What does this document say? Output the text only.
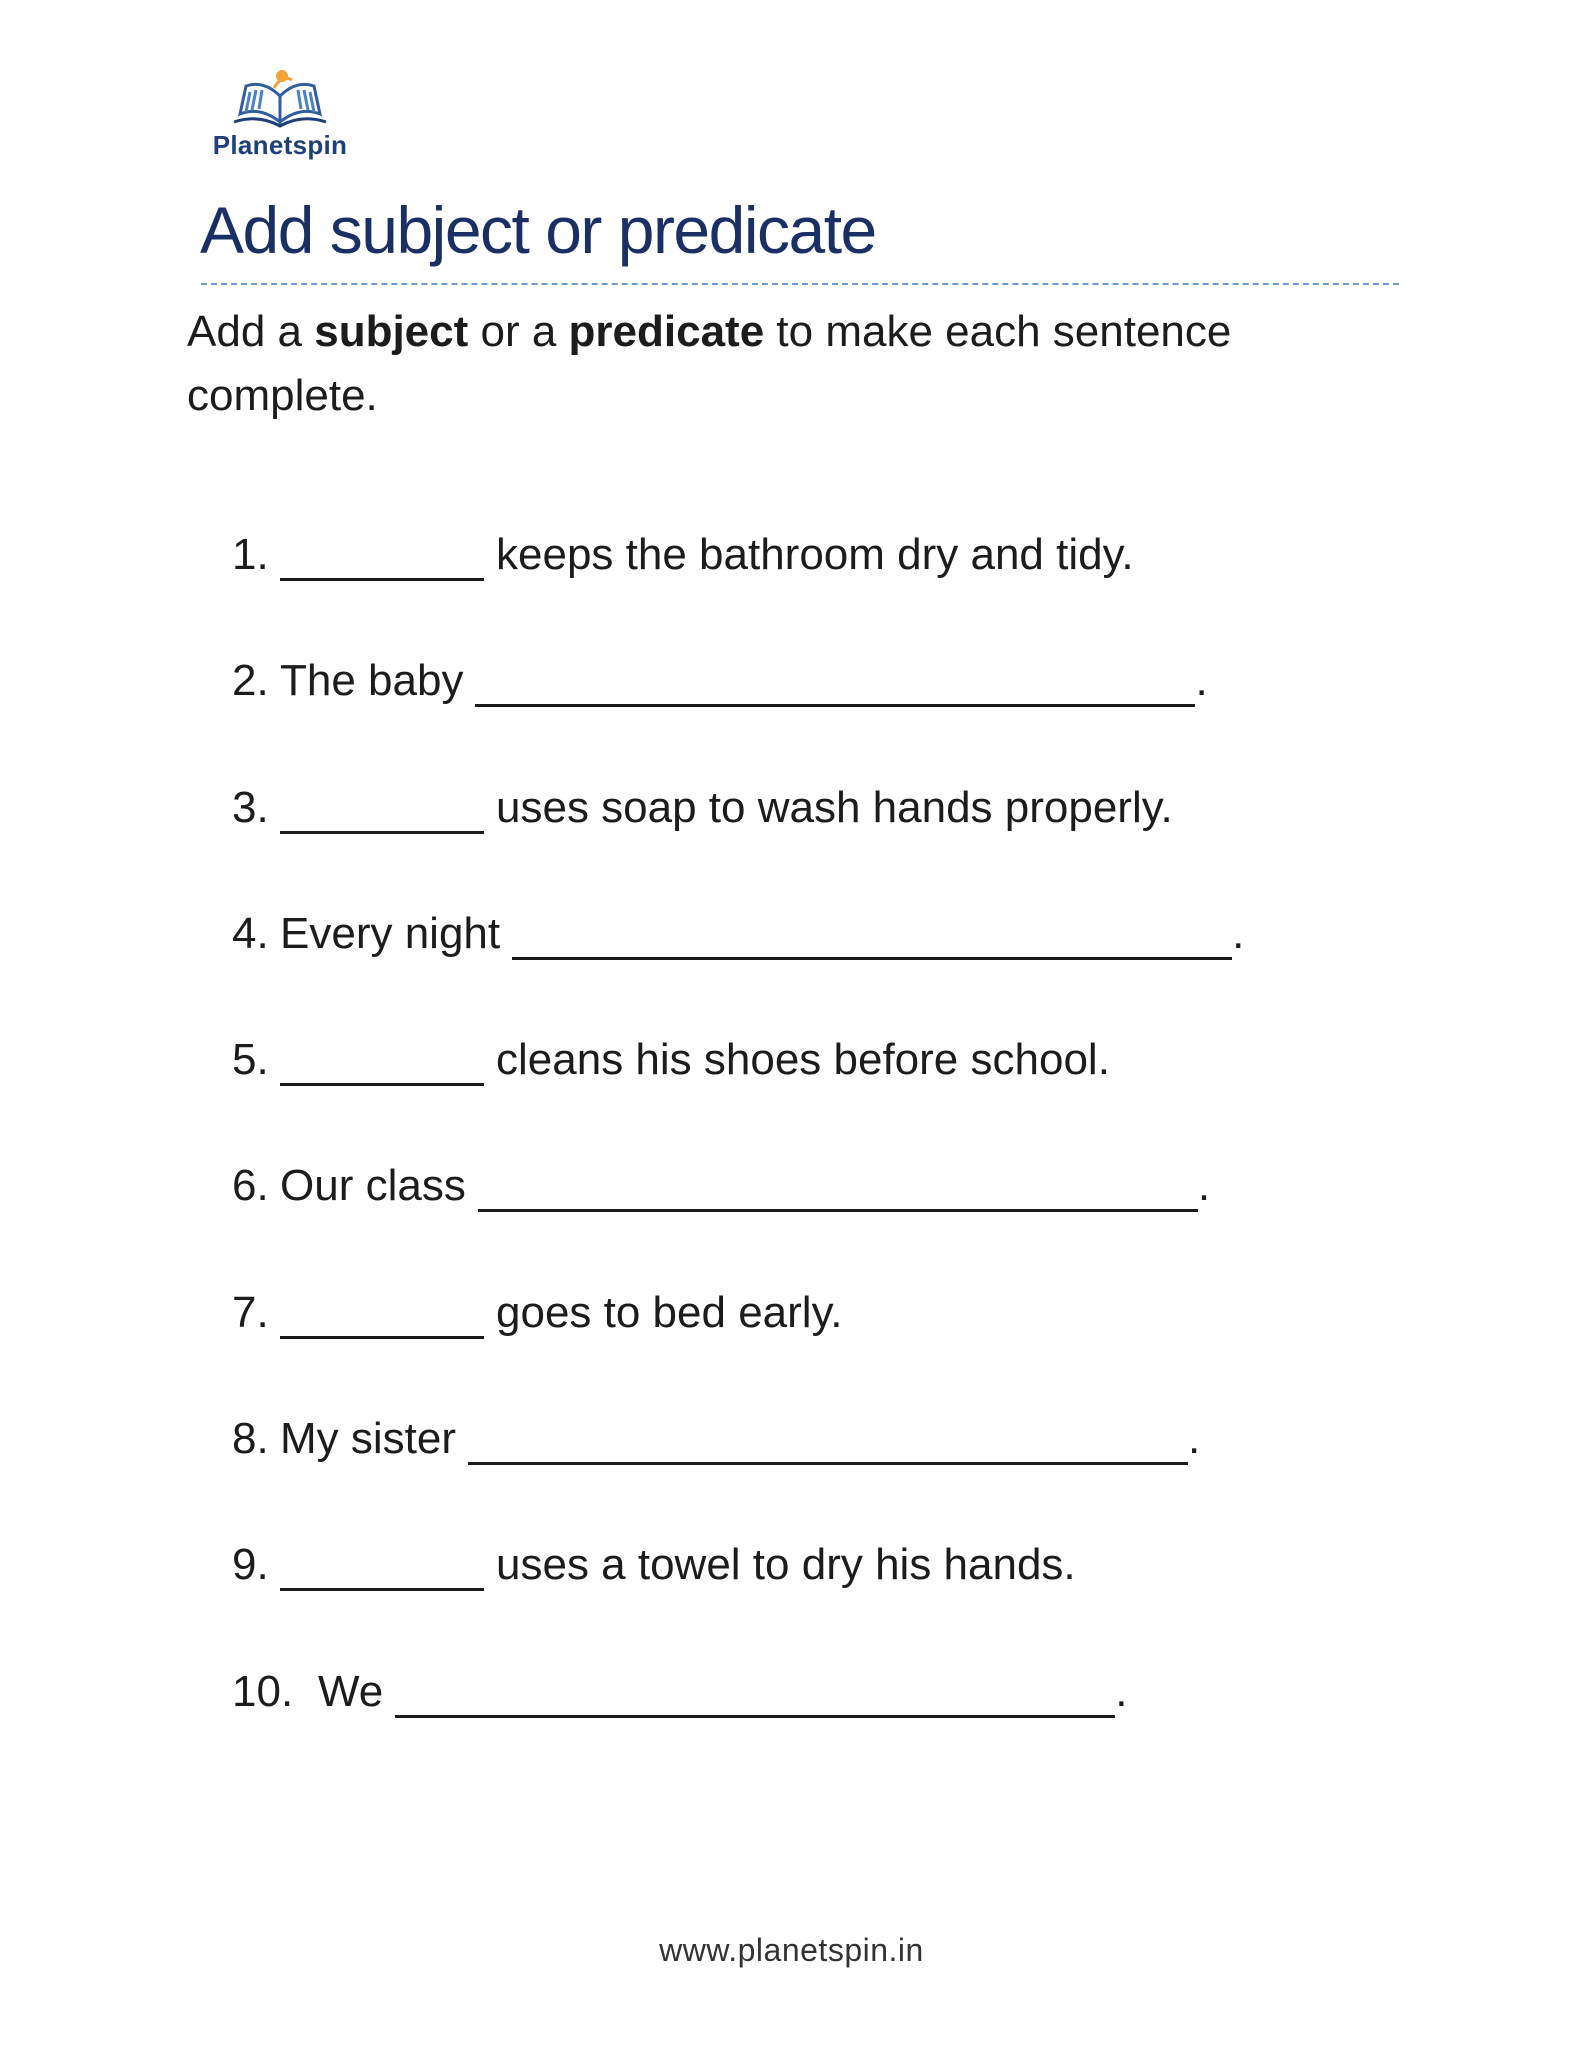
Planetspin
Add subject or predicate

Add a subject or a predicate to make each sentence complete.

1.	keeps the bathroom dry and tidy.
2. The baby	.
3.	uses soap to wash hands properly.
4. Every night	.
5.	cleans his shoes before school.
6. Our class	.
7.	goes to bed early.
8. My sister	.
9.	uses a towel to dry his hands.
10. We	.
www.planetspin.in
